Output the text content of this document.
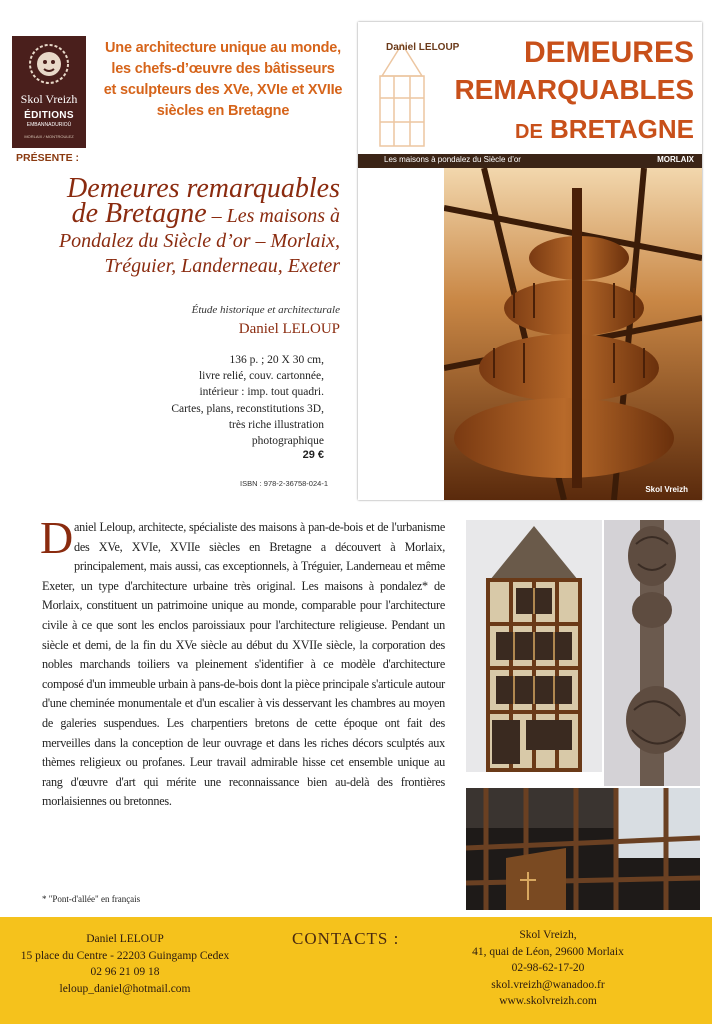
Skol Vreizh
ÉDITIONS
EMBANNADURIOÙ
MORLAIX / MONTROULEZ
Une architecture unique au monde,
les chefs-d’œuvre des bâtisseurs
et sculpteurs des XVe, XVIe et XVIIe
siècles en Bretagne
PRÉSENTE :
Demeures remarquables
de Bretagne – Les maisons à
Pondalez du Siècle d’or – Morlaix,
Tréguier, Landerneau, Exeter
Étude historique et architecturale
Daniel LELOUP
136 p. ; 20 X 30 cm,
livre relié, couv. cartonnée,
intérieur : imp. tout quadri.
Cartes, plans, reconstitutions 3D,
très riche illustration
photographique
29 €
ISBN : 978-2-36758-024-1
Daniel LELOUP	DEMEURES
REMARQUABLES
DE BRETAGNE
Les maisons à pondalez du Siècle d’or	MORLAIX
Skol Vreizh
Daniel Leloup, architecte, spécialiste des maisons à pan-de-bois et de l'urbanisme des XVe, XVIe, XVIIe siècles en Bretagne a découvert à Morlaix, principalement, mais aussi, cas exceptionnels, à Tréguier, Landerneau et même Exeter, un type d'architecture urbaine très original. Les maisons à pondalez* de Morlaix, constituent un patrimoine unique au monde, comparable pour l'architecture civile à ce que sont les enclos paroissiaux pour l'architecture religieuse. Pendant un siècle et demi, de la fin du XVe siècle au début du XVIIe siècle, la corporation des nobles marchands toiliers va pleinement s'identifier à ce modèle d'architecture composé d'un immeuble urbain à pans-de-bois dont la pièce principale s'articule autour d'une cheminée monumentale et d'un escalier à vis desservant les chambres au moyen de galeries suspendues. Les charpentiers bretons de cette époque ont fait des merveilles dans la conception de leur ouvrage et dans les riches décors sculptés aux thèmes religieux ou profanes. Leur travail admirable hisse cet ensemble unique au rang d'œuvre d'art qui mérite une reconnaissance bien au-delà des frontières morlaisiennes ou bretonnes.
* "Pont-d'allée" en français
Daniel LELOUP
15 place du Centre - 22203 Guingamp Cedex
02 96 21 09 18
leloup_daniel@hotmail.com
CONTACTS :	Skol Vreizh,
41, quai de Léon, 29600 Morlaix
02-98-62-17-20
skol.vreizh@wanadoo.fr
www.skolvreizh.com
